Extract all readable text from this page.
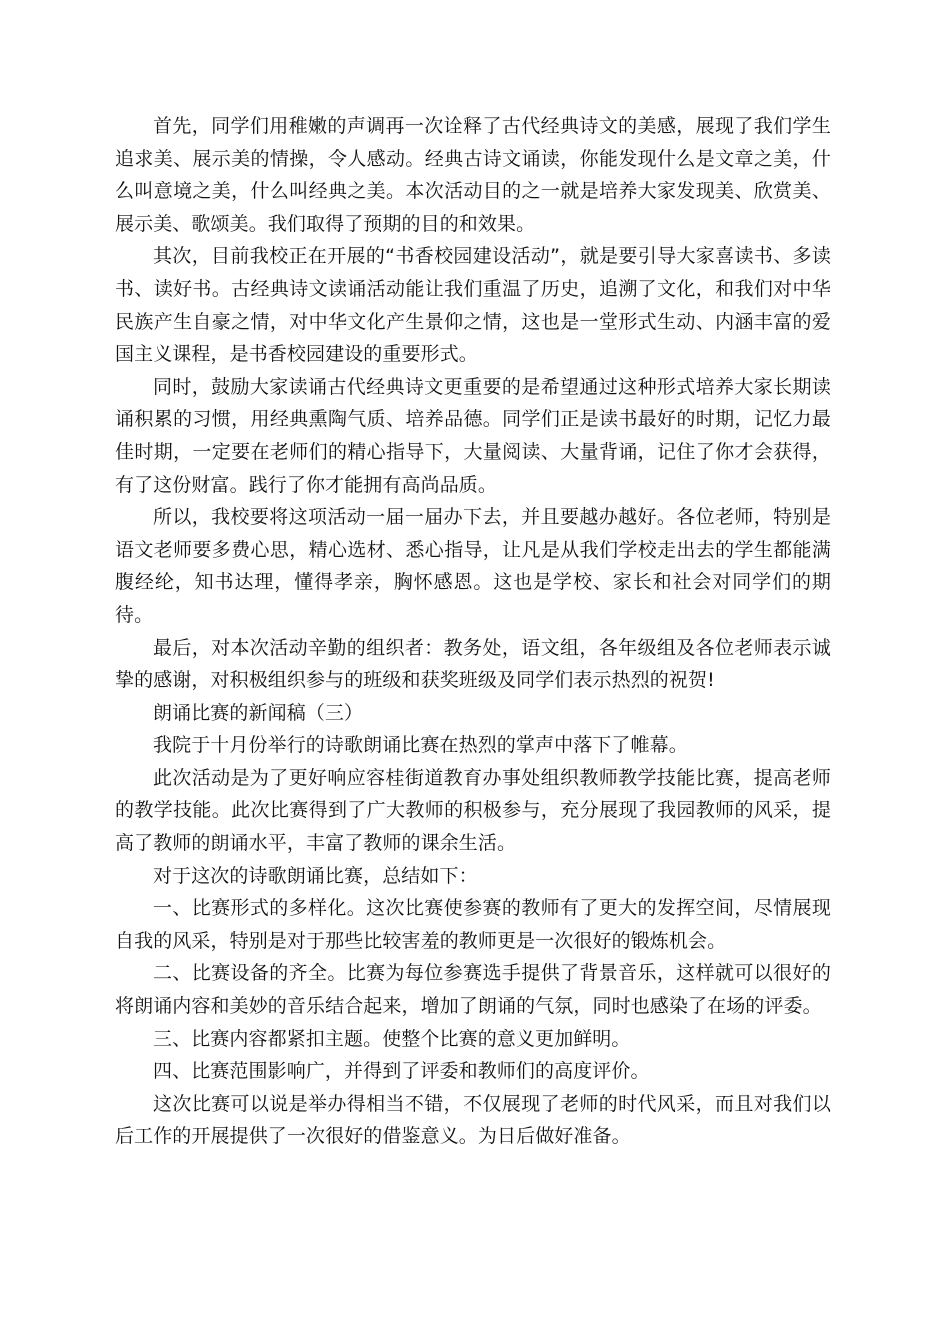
首先，同学们用稚嫩的声调再一次诠释了古代经典诗文的美感，展现了我们学生追求美、展示美的情操，令人感动。经典古诗文诵读，你能发现什么是文章之美，什么叫意境之美，什么叫经典之美。本次活动目的之一就是培养大家发现美、欣赏美、展示美、歌颂美。我们取得了预期的目的和效果。

其次，目前我校正在开展的“书香校园建设活动”，就是要引导大家喜读书、多读书、读好书。古经典诗文读诵活动能让我们重温了历史，追溯了文化，和我们对中华民族产生自豪之情，对中华文化产生景仰之情，这也是一堂形式生动、内涵丰富的爱国主义课程，是书香校园建设的重要形式。

同时，鼓励大家读诵古代经典诗文更重要的是希望通过这种形式培养大家长期读诵积累的习惯，用经典熏陶气质、培养品德。同学们正是读书最好的时期，记忆力最佳时期，一定要在老师们的精心指导下，大量阅读、大量背诵，记住了你才会获得，有了这份财富。践行了你才能拥有高尚品质。

所以，我校要将这项活动一届一届办下去，并且要越办越好。各位老师，特别是语文老师要多费心思，精心选材、悉心指导，让凡是从我们学校走出去的学生都能满腹经纶，知书达理，懂得孝亲，胸怀感恩。这也是学校、家长和社会对同学们的期待。

最后，对本次活动辛勤的组织者：教务处，语文组，各年级组及各位老师表示诚挚的感谢，对积极组织参与的班级和获奖班级及同学们表示热烈的祝贺!

朗诵比赛的新闻稿（三）

我院于十月份举行的诗歌朗诵比赛在热烈的掌声中落下了帷幕。

此次活动是为了更好响应容桂街道教育办事处组织教师教学技能比赛，提高老师的教学技能。此次比赛得到了广大教师的积极参与，充分展现了我园教师的风采，提高了教师的朗诵水平，丰富了教师的课余生活。

对于这次的诗歌朗诵比赛，总结如下：

一、比赛形式的多样化。这次比赛使参赛的教师有了更大的发挥空间，尽情展现自我的风采，特别是对于那些比较害羞的教师更是一次很好的锻炼机会。

二、比赛设备的齐全。比赛为每位参赛选手提供了背景音乐，这样就可以很好的将朗诵内容和美妙的音乐结合起来，增加了朗诵的气氛，同时也感染了在场的评委。

三、比赛内容都紧扣主题。使整个比赛的意义更加鲜明。

四、比赛范围影响广，并得到了评委和教师们的高度评价。

这次比赛可以说是举办得相当不错，不仅展现了老师的时代风采，而且对我们以后工作的开展提供了一次很好的借鉴意义。为日后做好准备。
